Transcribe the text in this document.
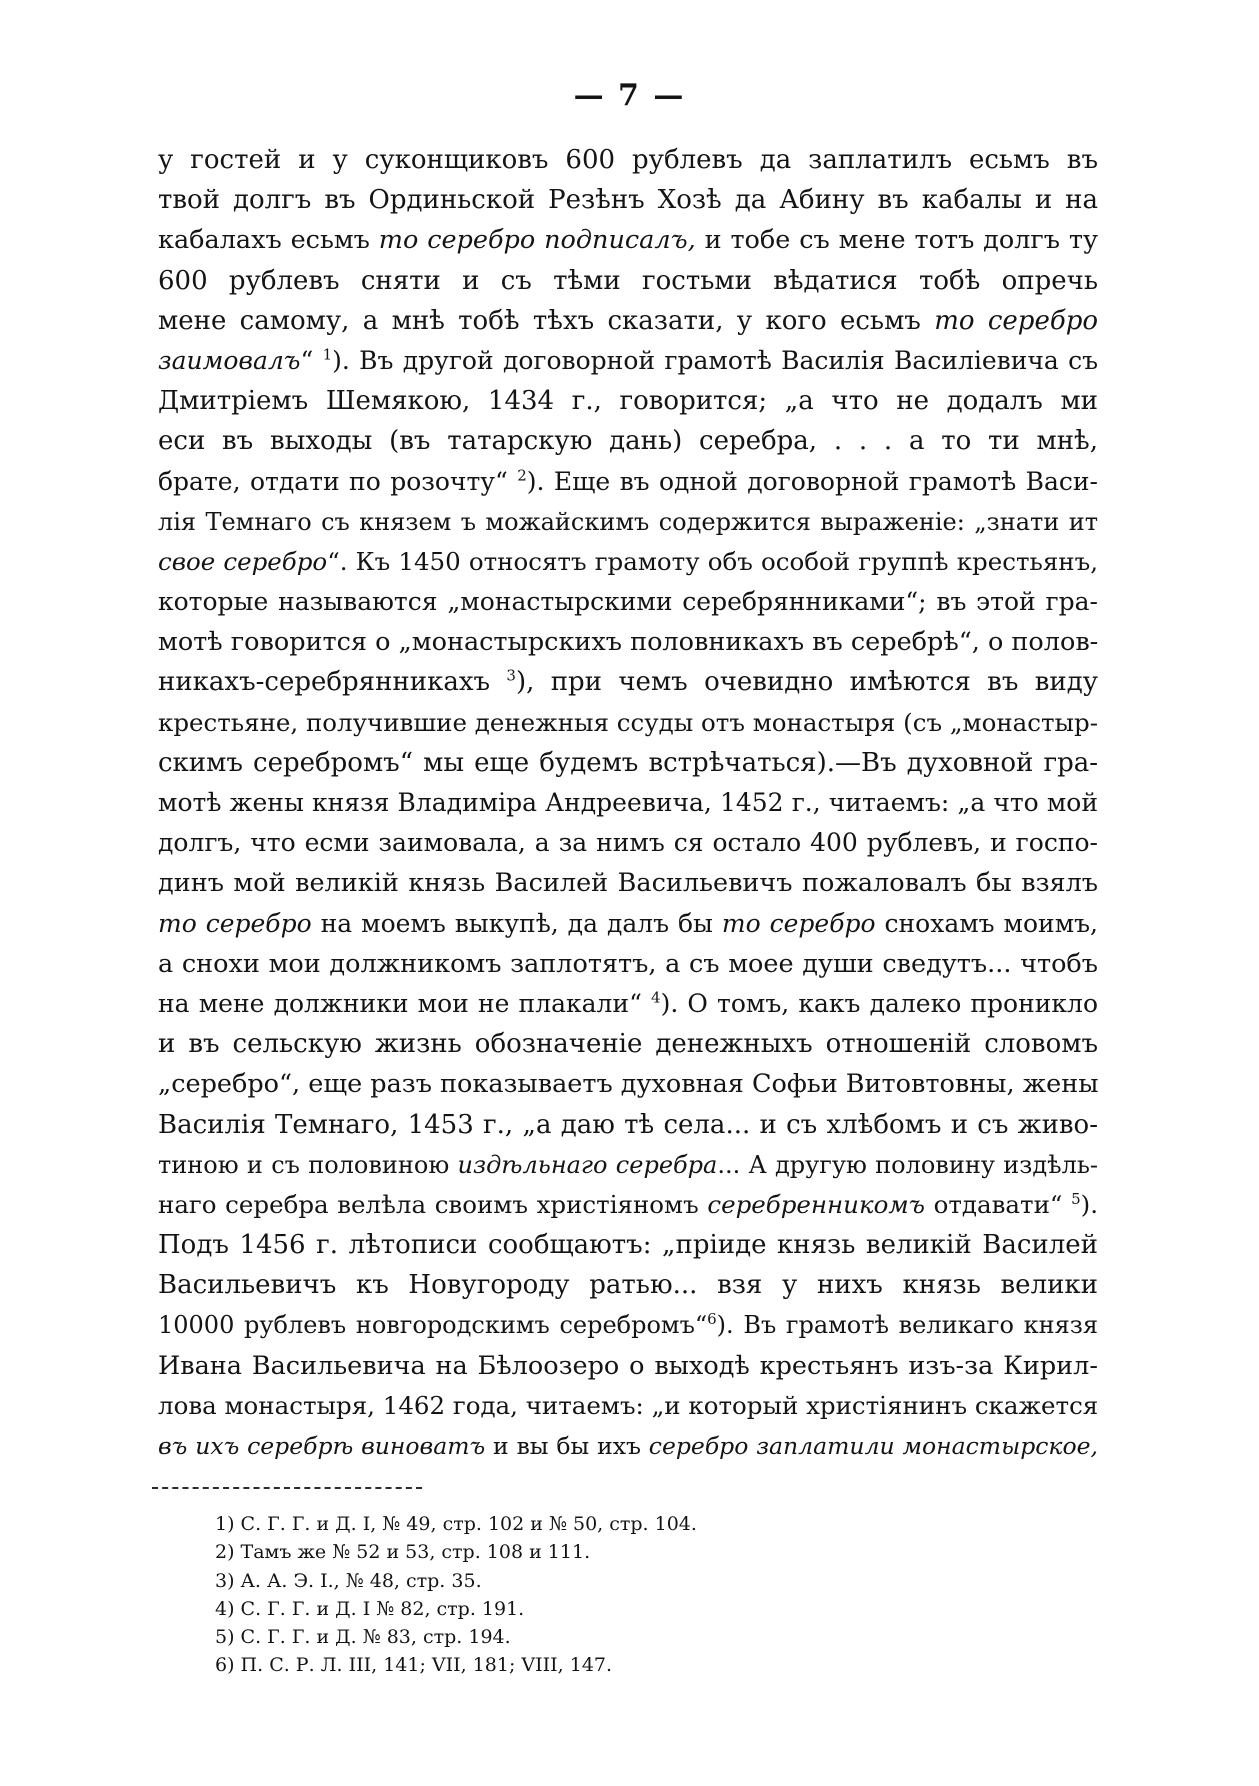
— 7 —
у гостей и у суконщиковъ 600 рублевъ да заплатилъ есьмъ въ
твой долгъ въ Ординьской Резѣнъ Хозѣ да Абину въ кабалы и на
кабалахъ есьмъ то серебро подписалъ, и тобе съ мене тотъ долгъ ту
600 рублевъ сняти и съ тѣми гостьми вѣдатися тобѣ опречь
мене самому, а мнѣ тобѣ тѣхъ сказати, у кого есьмъ то серебро
заимовалъ“ $^1$). Въ другой договорной грамотѣ Василія Василіевича съ
Дмитріемъ Шемякою, 1434 г., говорится; „а что не додалъ ми
еси въ выходы (въ татарскую дань) серебра, . . . а то ти мнѣ,
брате, отдати по розочту“ $^2$). Еще въ одной договорной грамотѣ Васи-
лія Темнаго съ князем ъ можайскимъ содержится выраженіе: „знати ит
свое серебро“. Къ 1450 относятъ грамоту объ особой группѣ крестьянъ,
которые называются „монастырскими серебрянниками“; въ этой гра-
мотѣ говорится о „монастырскихъ половникахъ въ серебрѣ“, о полов-
никахъ-серебрянникахъ $^3$), при чемъ очевидно имѣются въ виду
крестьяне, получившие денежныя ссуды отъ монастыря (съ „монастыр-
скимъ серебромъ“ мы еще будемъ встрѣчаться).—Въ духовной гра-
мотѣ жены князя Владиміра Андреевича, 1452 г., читаемъ: „а что мой
долгъ, что есми заимовала, а за нимъ ся остало 400 рублевъ, и госпо-
динъ мой великій князь Василей Васильевичъ пожаловалъ бы взялъ
то серебро на моемъ выкупѣ, да далъ бы то серебро снохамъ моимъ,
а снохи мои должникомъ заплотятъ, а съ моее души сведутъ... чтобъ
на мене должники мои не плакали“ $^4$). О томъ, какъ далеко проникло
и въ сельскую жизнь обозначеніе денежныхъ отношеній словомъ
„серебро“, еще разъ показываетъ духовная Софьи Витовтовны, жены
Василія Темнаго, 1453 г., „а даю тѣ села... и съ хлѣбомъ и съ живо-
тиною и съ половиною издѣльнаго серебра... А другую половину издѣль-
наго серебра велѣла своимъ христіяномъ серебренникомъ отдавати“ $^5$).
Подъ 1456 г. лѣтописи сообщаютъ: „пріиде князь великій Василей
Васильевичъ къ Новугороду ратью... взя у нихъ князь велики
10000 рублевъ новгородскимъ серебромъ“$^6$). Въ грамотѣ великаго князя
Ивана Васильевича на Бѣлоозеро о выходѣ крестьянъ изъ-за Кирил-
лова монастыря, 1462 года, читаемъ: „и который христіянинъ скажется
въ ихъ серебрѣ виноватъ и вы бы ихъ серебро заплатили монастырское,
1) С. Г. Г. и Д. I, № 49, стр. 102 и № 50, стр. 104.
2) Тамъ же № 52 и 53, стр. 108 и 111.
3) А. А. Э. I., № 48, стр. 35.
4) С. Г. Г. и Д. I № 82, стр. 191.
5) С. Г. Г. и Д. № 83, стр. 194.
6) П. С. Р. Л. III, 141; VII, 181; VIII, 147.
